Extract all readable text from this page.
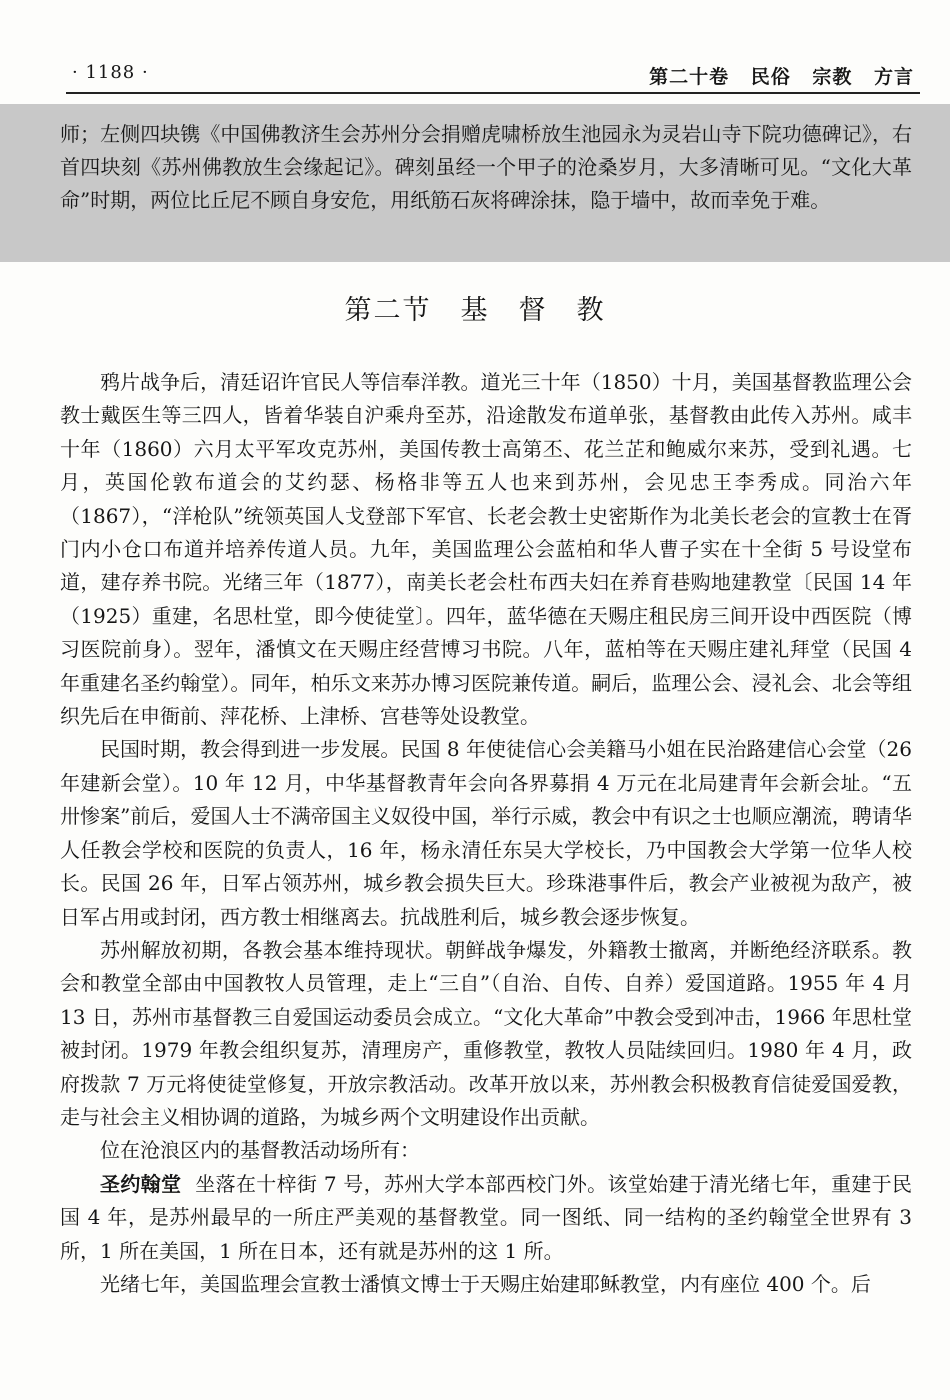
· 1188 ·	第二十卷 民俗 宗教 方言

师；左侧四块镌《中国佛教济生会苏州分会捐赠虎啸桥放生池园永为灵岩山寺下院功德碑记》，右首四块刻《苏州佛教放生会缘起记》。碑刻虽经一个甲子的沧桑岁月，大多清晰可见。“文化大革命”时期，两位比丘尼不顾自身安危，用纸筋石灰将碑涂抹，隐于墙中，故而幸免于难。

第二节　基　督　教

鸦片战争后，清廷诏许官民人等信奉洋教。道光三十年（1850）十月，美国基督教监理公会教士戴医生等三四人，皆着华装自沪乘舟至苏，沿途散发布道单张，基督教由此传入苏州。咸丰十年（1860）六月太平军攻克苏州，美国传教士高第丕、花兰芷和鲍威尔来苏，受到礼遇。七月，英国伦敦布道会的艾约瑟、杨格非等五人也来到苏州，会见忠王李秀成。同治六年（1867），“洋枪队”统领英国人戈登部下军官、长老会教士史密斯作为北美长老会的宣教士在胥门内小仓口布道并培养传道人员。九年，美国监理公会蓝柏和华人曹子实在十全街 5 号设堂布道，建存养书院。光绪三年（1877），南美长老会杜布西夫妇在养育巷购地建教堂〔民国 14 年（1925）重建，名思杜堂，即今使徒堂〕。四年，蓝华德在天赐庄租民房三间开设中西医院（博习医院前身）。翌年，潘慎文在天赐庄经营博习书院。八年，蓝柏等在天赐庄建礼拜堂（民国 4 年重建名圣约翰堂）。同年，柏乐文来苏办博习医院兼传道。嗣后，监理公会、浸礼会、北会等组织先后在申衙前、萍花桥、上津桥、宫巷等处设教堂。

民国时期，教会得到进一步发展。民国 8 年使徒信心会美籍马小姐在民治路建信心会堂（26 年建新会堂）。10 年 12 月，中华基督教青年会向各界募捐 4 万元在北局建青年会新会址。“五卅惨案”前后，爱国人士不满帝国主义奴役中国，举行示威，教会中有识之士也顺应潮流，聘请华人任教会学校和医院的负责人，16 年，杨永清任东吴大学校长，乃中国教会大学第一位华人校长。民国 26 年，日军占领苏州，城乡教会损失巨大。珍珠港事件后，教会产业被视为敌产，被日军占用或封闭，西方教士相继离去。抗战胜利后，城乡教会逐步恢复。

苏州解放初期，各教会基本维持现状。朝鲜战争爆发，外籍教士撤离，并断绝经济联系。教会和教堂全部由中国教牧人员管理，走上“三自”（自治、自传、自养）爱国道路。1955 年 4 月 13 日，苏州市基督教三自爱国运动委员会成立。“文化大革命”中教会受到冲击，1966 年思杜堂被封闭。1979 年教会组织复苏，清理房产，重修教堂，教牧人员陆续回归。1980 年 4 月，政府拨款 7 万元将使徒堂修复，开放宗教活动。改革开放以来，苏州教会积极教育信徒爱国爱教，走与社会主义相协调的道路，为城乡两个文明建设作出贡献。

位在沧浪区内的基督教活动场所有：

圣约翰堂 坐落在十梓街 7 号，苏州大学本部西校门外。该堂始建于清光绪七年，重建于民国 4 年，是苏州最早的一所庄严美观的基督教堂。同一图纸、同一结构的圣约翰堂全世界有 3 所，1 所在美国，1 所在日本，还有就是苏州的这 1 所。

光绪七年，美国监理会宣教士潘慎文博士于天赐庄始建耶稣教堂，内有座位 400 个。后
